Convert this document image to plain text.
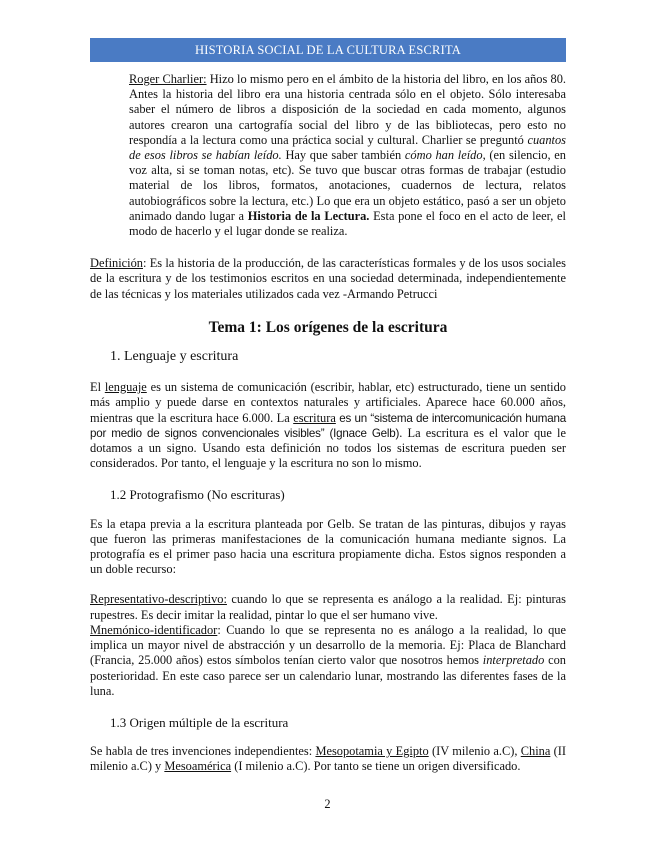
HISTORIA SOCIAL DE LA CULTURA ESCRITA

Roger Charlier: Hizo lo mismo pero en el ámbito de la historia del libro, en los años 80. Antes la historia del libro era una historia centrada sólo en el objeto. Sólo interesaba saber el número de libros a disposición de la sociedad en cada momento, algunos autores crearon una cartografía social del libro y de las bibliotecas, pero esto no respondía a la lectura como una práctica social y cultural. Charlier se preguntó cuantos de esos libros se habían leído. Hay que saber también cómo han leído, (en silencio, en voz alta, si se toman notas, etc). Se tuvo que buscar otras formas de trabajar (estudio material de los libros, formatos, anotaciones, cuadernos de lectura, relatos autobiográficos sobre la lectura, etc.) Lo que era un objeto estático, pasó a ser un objeto animado dando lugar a Historia de la Lectura. Esta pone el foco en el acto de leer, el modo de hacerlo y el lugar donde se realiza.

Definición: Es la historia de la producción, de las características formales y de los usos sociales de la escritura y de los testimonios escritos en una sociedad determinada, independientemente de las técnicas y los materiales utilizados cada vez -Armando Petrucci

Tema 1: Los orígenes de la escritura
1. Lenguaje y escritura

El lenguaje es un sistema de comunicación (escribir, hablar, etc) estructurado, tiene un sentido más amplio y puede darse en contextos naturales y artificiales. Aparece hace 60.000 años, mientras que la escritura hace 6.000. La escritura es un “sistema de intercomunicación humana por medio de signos convencionales visibles” (Ignace Gelb). La escritura es el valor que le dotamos a un signo. Usando esta definición no todos los sistemas de escritura pueden ser considerados. Por tanto, el lenguaje y la escritura no son lo mismo.

1.2 Protografismo (No escrituras)

Es la etapa previa a la escritura planteada por Gelb. Se tratan de las pinturas, dibujos y rayas que fueron las primeras manifestaciones de la comunicación humana mediante signos. La protografía es el primer paso hacia una escritura propiamente dicha. Estos signos responden a un doble recurso:

Representativo-descriptivo: cuando lo que se representa es análogo a la realidad. Ej: pinturas rupestres. Es decir imitar la realidad, pintar lo que el ser humano vive.

Mnemónico-identificador: Cuando lo que se representa no es análogo a la realidad, lo que implica un mayor nivel de abstracción y un desarrollo de la memoria. Ej: Placa de Blanchard (Francia, 25.000 años) estos símbolos tenían cierto valor que nosotros hemos interpretado con posterioridad. En este caso parece ser un calendario lunar, mostrando las diferentes fases de la luna.

1.3 Origen múltiple de la escritura

Se habla de tres invenciones independientes: Mesopotamia y Egipto (IV milenio a.C), China (II milenio a.C) y Mesoamérica (I milenio a.C). Por tanto se tiene un origen diversificado.

2
